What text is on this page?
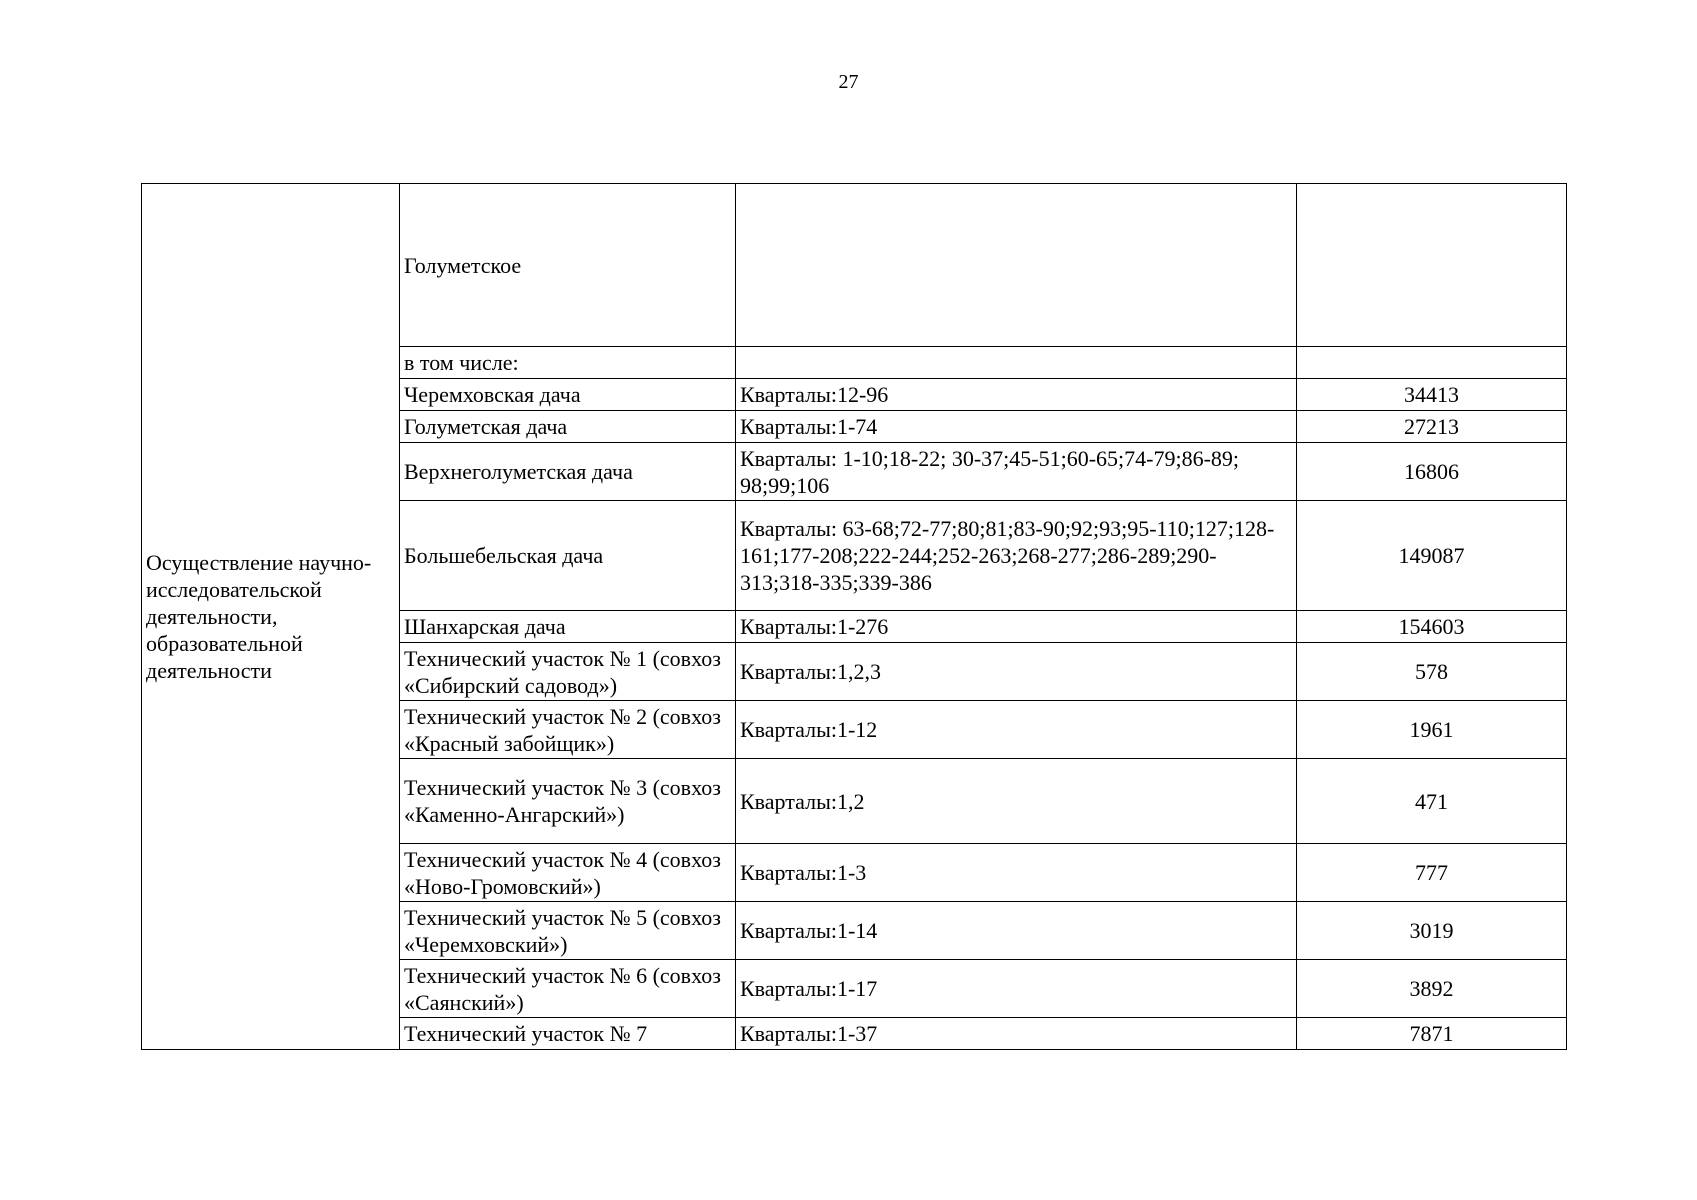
27
Осуществление научно-исследовательской деятельности, образовательной деятельности	Голуметское		
	в том числе:		
	Черемховская дача	Кварталы:12-96	34413
	Голуметская дача	Кварталы:1-74	27213
	Верхнеголуметская дача	Кварталы: 1-10;18-22; 30-37;45-51;60-65;74-79;86-89; 98;99;106	16806
	Большебельская дача	Кварталы: 63-68;72-77;80;81;83-90;92;93;95-110;127;128-161;177-208;222-244;252-263;268-277;286-289;290-313;318-335;339-386	149087
	Шанхарская дача	Кварталы:1-276	154603
	Технический участок № 1 (совхоз «Сибирский садовод»)	Кварталы:1,2,3	578
	Технический участок № 2 (совхоз «Красный забойщик»)	Кварталы:1-12	1961
	Технический участок № 3 (совхоз «Каменно-Ангарский»)	Кварталы:1,2	471
	Технический участок № 4 (совхоз «Ново-Громовский»)	Кварталы:1-3	777
	Технический участок № 5 (совхоз «Черемховский»)	Кварталы:1-14	3019
	Технический участок № 6 (совхоз «Саянский»)	Кварталы:1-17	3892
	Технический участок № 7	Кварталы:1-37	7871
